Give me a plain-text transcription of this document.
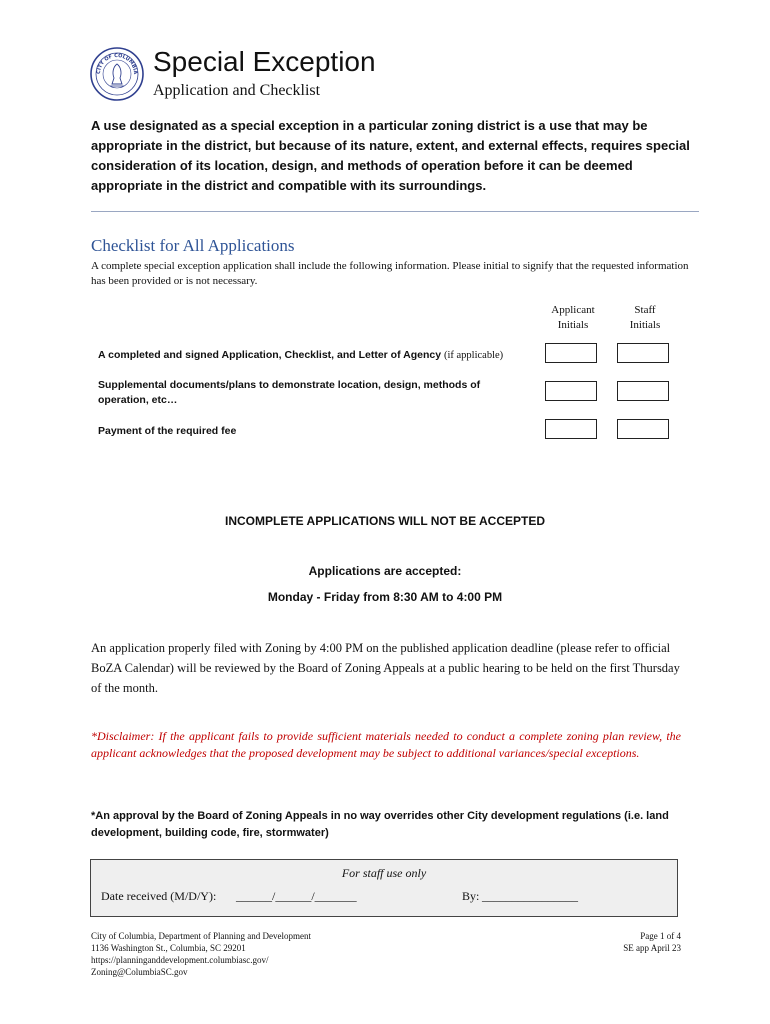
CITY OF COLUMBIA Special Exception
Application and Checklist
A use designated as a special exception in a particular zoning district is a use that may be appropriate in the district, but because of its nature, extent, and external effects, requires special consideration of its location, design, and methods of operation before it can be deemed appropriate in the district and compatible with its surroundings.
Checklist for All Applications
A complete special exception application shall include the following information. Please initial to signify that the requested information has been provided or is not necessary.
Applicant
Initials
Staff
Initials
A completed and signed Application, Checklist, and Letter of Agency (if applicable)
Supplemental documents/plans to demonstrate location, design, methods of operation, etc…
Payment of the required fee
INCOMPLETE APPLICATIONS WILL NOT BE ACCEPTED
Applications are accepted:
Monday - Friday from 8:30 AM to 4:00 PM
An application properly filed with Zoning by 4:00 PM on the published application deadline (please refer to official BoZA Calendar) will be reviewed by the Board of Zoning Appeals at a public hearing to be held on the first Thursday of the month.
*Disclaimer: If the applicant fails to provide sufficient materials needed to conduct a complete zoning plan review, the applicant acknowledges that the proposed development may be subject to additional variances/special exceptions.
*An approval by the Board of Zoning Appeals in no way overrides other City development regulations (i.e. land development, building code, fire, stormwater)
For staff use only
Date received (M/D/Y): ______/______/_______	By: ________________
City of Columbia, Department of Planning and Development
1136 Washington St., Columbia, SC 29201
https://planninganddevelopment.columbiasc.gov/
Zoning@ColumbiaSC.gov
Page 1 of 4
SE app April 23
